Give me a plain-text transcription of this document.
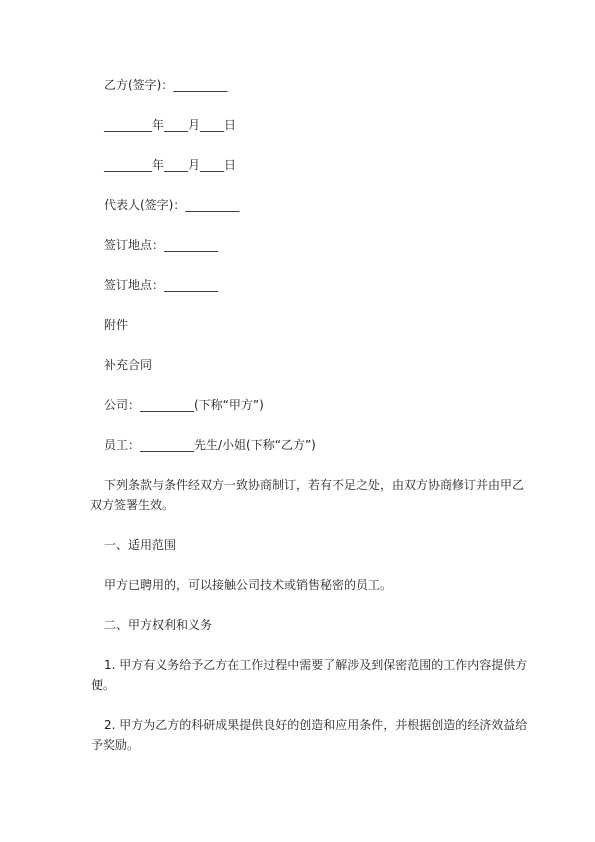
乙方(签字)：_________

________年____月____日

________年____月____日

代表人(签字)：_________

签订地点：_________

签订地点：_________

附件

补充合同

公司：_________(下称“甲方”)

员工：_________先生/小姐(下称“乙方”)

下列条款与条件经双方一致协商制订，若有不足之处，由双方协商修订并由甲乙
双方签署生效。

一、适用范围

甲方已聘用的，可以接触公司技术或销售秘密的员工。

二、甲方权利和义务

1. 甲方有义务给予乙方在工作过程中需要了解涉及到保密范围的工作内容提供方
便。
2. 甲方为乙方的科研成果提供良好的创造和应用条件，并根据创造的经济效益给
予奖励。
